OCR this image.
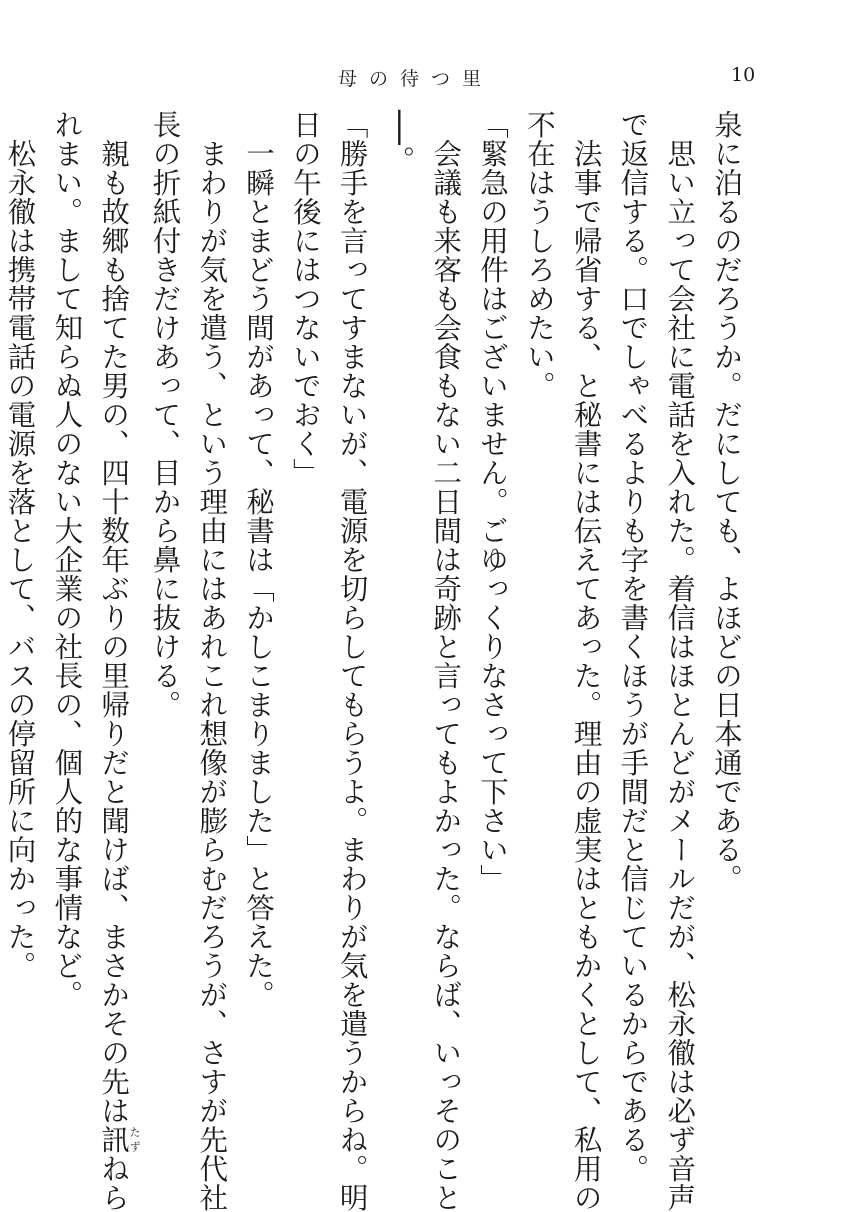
母の待つ里	10
泉に泊るのだろうか。だにしても、よほどの日本通である。
思い立って会社に電話を入れた。着信はほとんどがメールだが、松永徹は必ず音声
で返信する。口でしゃべるよりも字を書くほうが手間だと信じているからである。
法事で帰省する、と秘書には伝えてあった。理由の虚実はともかくとして、私用の
不在はうしろめたい。
「緊急の用件はございません。ごゆっくりなさって下さい」
会議も来客も会食もない二日間は奇跡と言ってもよかった。ならば、いっそのこと
──。
「勝手を言ってすまないが、電源を切らしてもらうよ。まわりが気を遣うからね。明
日の午後にはつないでおく」
一瞬とまどう間があって、秘書は「かしこまりました」と答えた。
まわりが気を遣う、という理由にはあれこれ想像が膨らむだろうが、さすが先代社
長の折紙付きだけあって、目から鼻に抜ける。
親も故郷も捨てた男の、四十数年ぶりの里帰りだと聞けば、まさかその先は訊たずねら
れまい。まして知らぬ人のない大企業の社長の、個人的な事情など。
松永徹は携帯電話の電源を落として、バスの停留所に向かった。
